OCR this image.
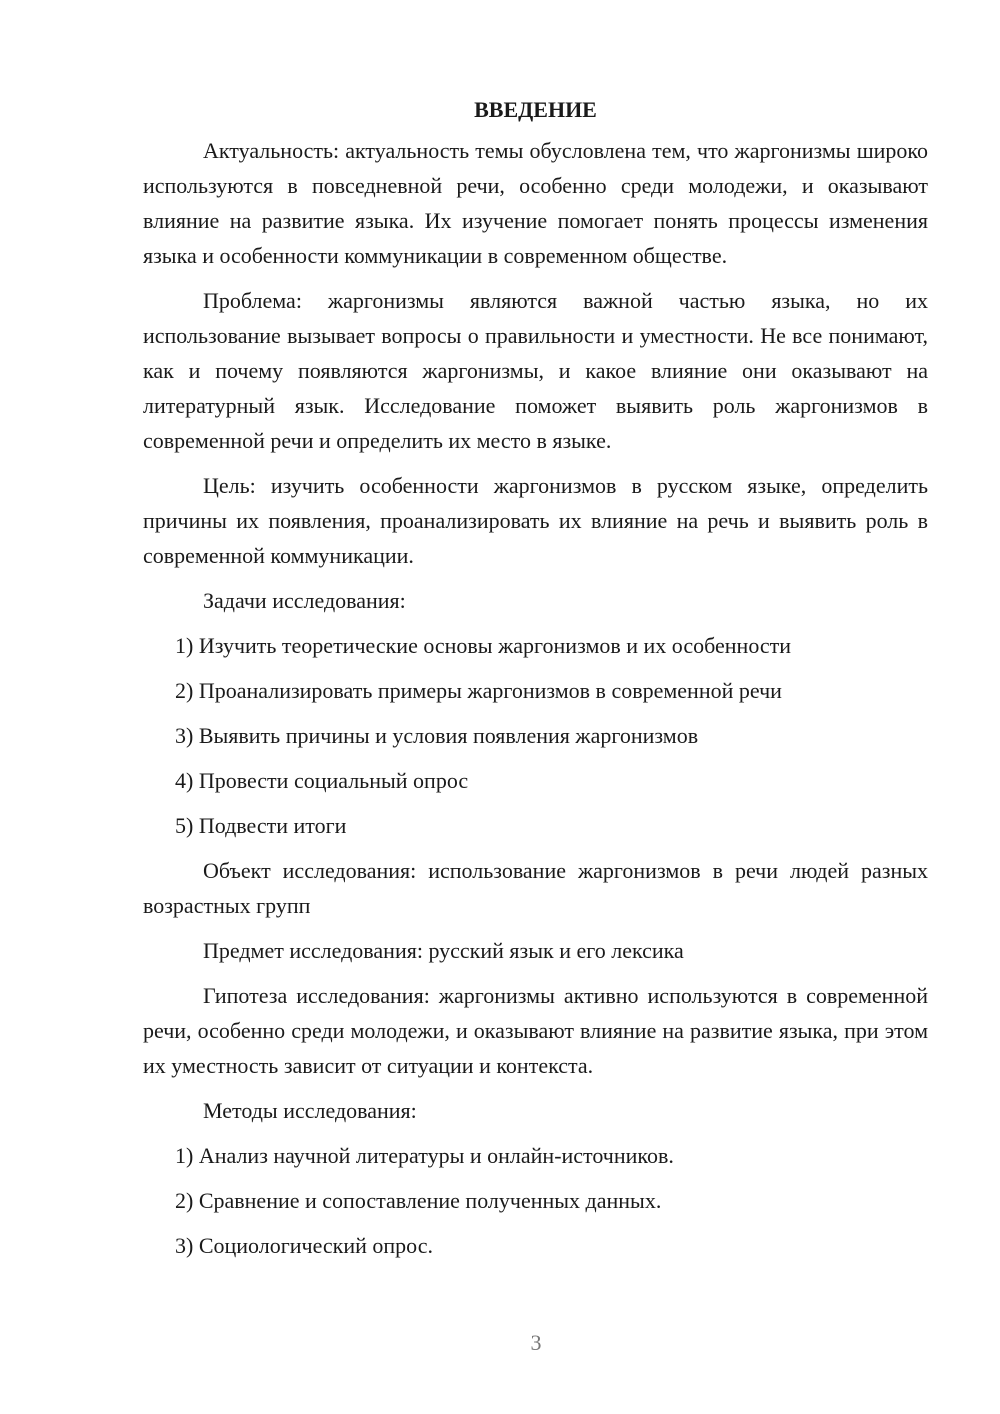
ВВЕДЕНИЕ

Актуальность: актуальность темы обусловлена тем, что жаргонизмы широко используются в повседневной речи, особенно среди молодежи, и оказывают влияние на развитие языка. Их изучение помогает понять процессы изменения языка и особенности коммуникации в современном обществе.

Проблема: жаргонизмы являются важной частью языка, но их использование вызывает вопросы о правильности и уместности. Не все понимают, как и почему появляются жаргонизмы, и какое влияние они оказывают на литературный язык. Исследование поможет выявить роль жаргонизмов в современной речи и определить их место в языке.

Цель: изучить особенности жаргонизмов в русском языке, определить причины их появления, проанализировать их влияние на речь и выявить роль в современной коммуникации.

Задачи исследования:

1) Изучить теоретические основы жаргонизмов и их особенности

2) Проанализировать примеры жаргонизмов в современной речи

3) Выявить причины и условия появления жаргонизмов

4) Провести социальный опрос

5) Подвести итоги

Объект исследования: использование жаргонизмов в речи людей разных возрастных групп

Предмет исследования: русский язык и его лексика

Гипотеза исследования: жаргонизмы активно используются в современной речи, особенно среди молодежи, и оказывают влияние на развитие языка, при этом их уместность зависит от ситуации и контекста.

Методы исследования:

1) Анализ научной литературы и онлайн-источников.

2) Сравнение и сопоставление полученных данных.

3) Социологический опрос.

3
